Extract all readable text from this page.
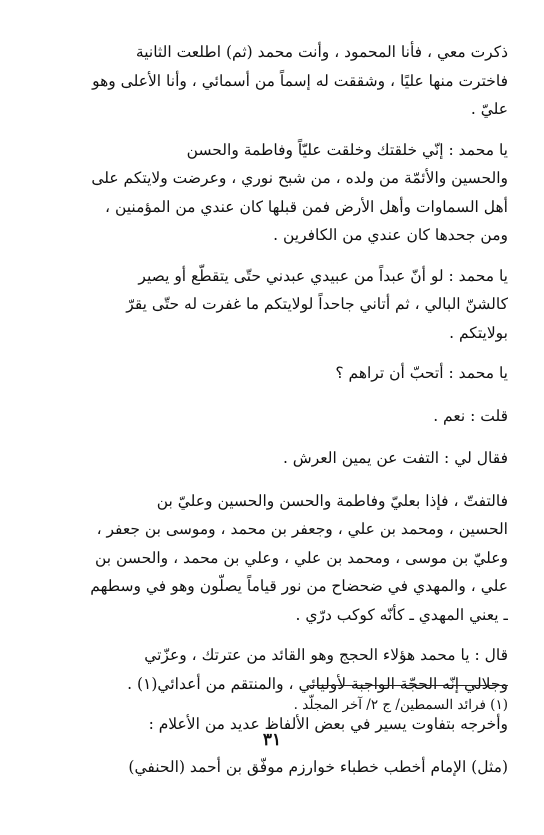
ذكرت معي ، فأنا المحمود ، وأنت محمد (ثم) اطلعت الثانية
فاخترت منها عليًا ، وشققت له إسماً من أسمائي ، وأنا الأعلى وهو
عليّ .

يا محمد : إنّي خلقتك وخلقت عليّاً وفاطمة والحسن
والحسين والأئمّة من ولده ، من شبح نوري ، وعرضت ولايتكم على
أهل السماوات وأهل الأرض فمن قبلها كان عندي من المؤمنين ،
ومن جحدها كان عندي من الكافرين .

يا محمد : لو أنّ عبداً من عبيدي عبدني حتّى يتقطّع أو يصير
كالشنّ البالي ، ثم أتاني جاحداً لولايتكم ما غفرت له حتّى يقرّ
بولايتكم .

يا محمد : أتحبّ أن تراهم ؟

قلت : نعم .

فقال لي : التفت عن يمين العرش .

فالتفتّ ، فإذا بعليّ وفاطمة والحسن والحسين وعليّ بن
الحسين ، ومحمد بن علي ، وجعفر بن محمد ، وموسى بن جعفر ،
وعليّ بن موسى ، ومحمد بن علي ، وعلي بن محمد ، والحسن بن
علي ، والمهدي في ضحضاح من نور قياماً يصلّون وهو في وسطهم
ـ يعني المهدي ـ كأنّه كوكب درّي .

قال : يا محمد هؤلاء الحجج وهو القائد من عترتك ، وعزّتي
وجلالي إنّه الحجّة الواجبة لأوليائي ، والمنتقم من أعدائي(١) .

وأخرجه بتفاوت يسير في بعض الألفاظ عديد من الأعلام :

(مثل) الإمام أخطب خطباء خوارزم موفّق بن أحمد (الحنفي)

(١) فرائد السمطين/ ج ٢/ آخر المجلّد .

٣١
